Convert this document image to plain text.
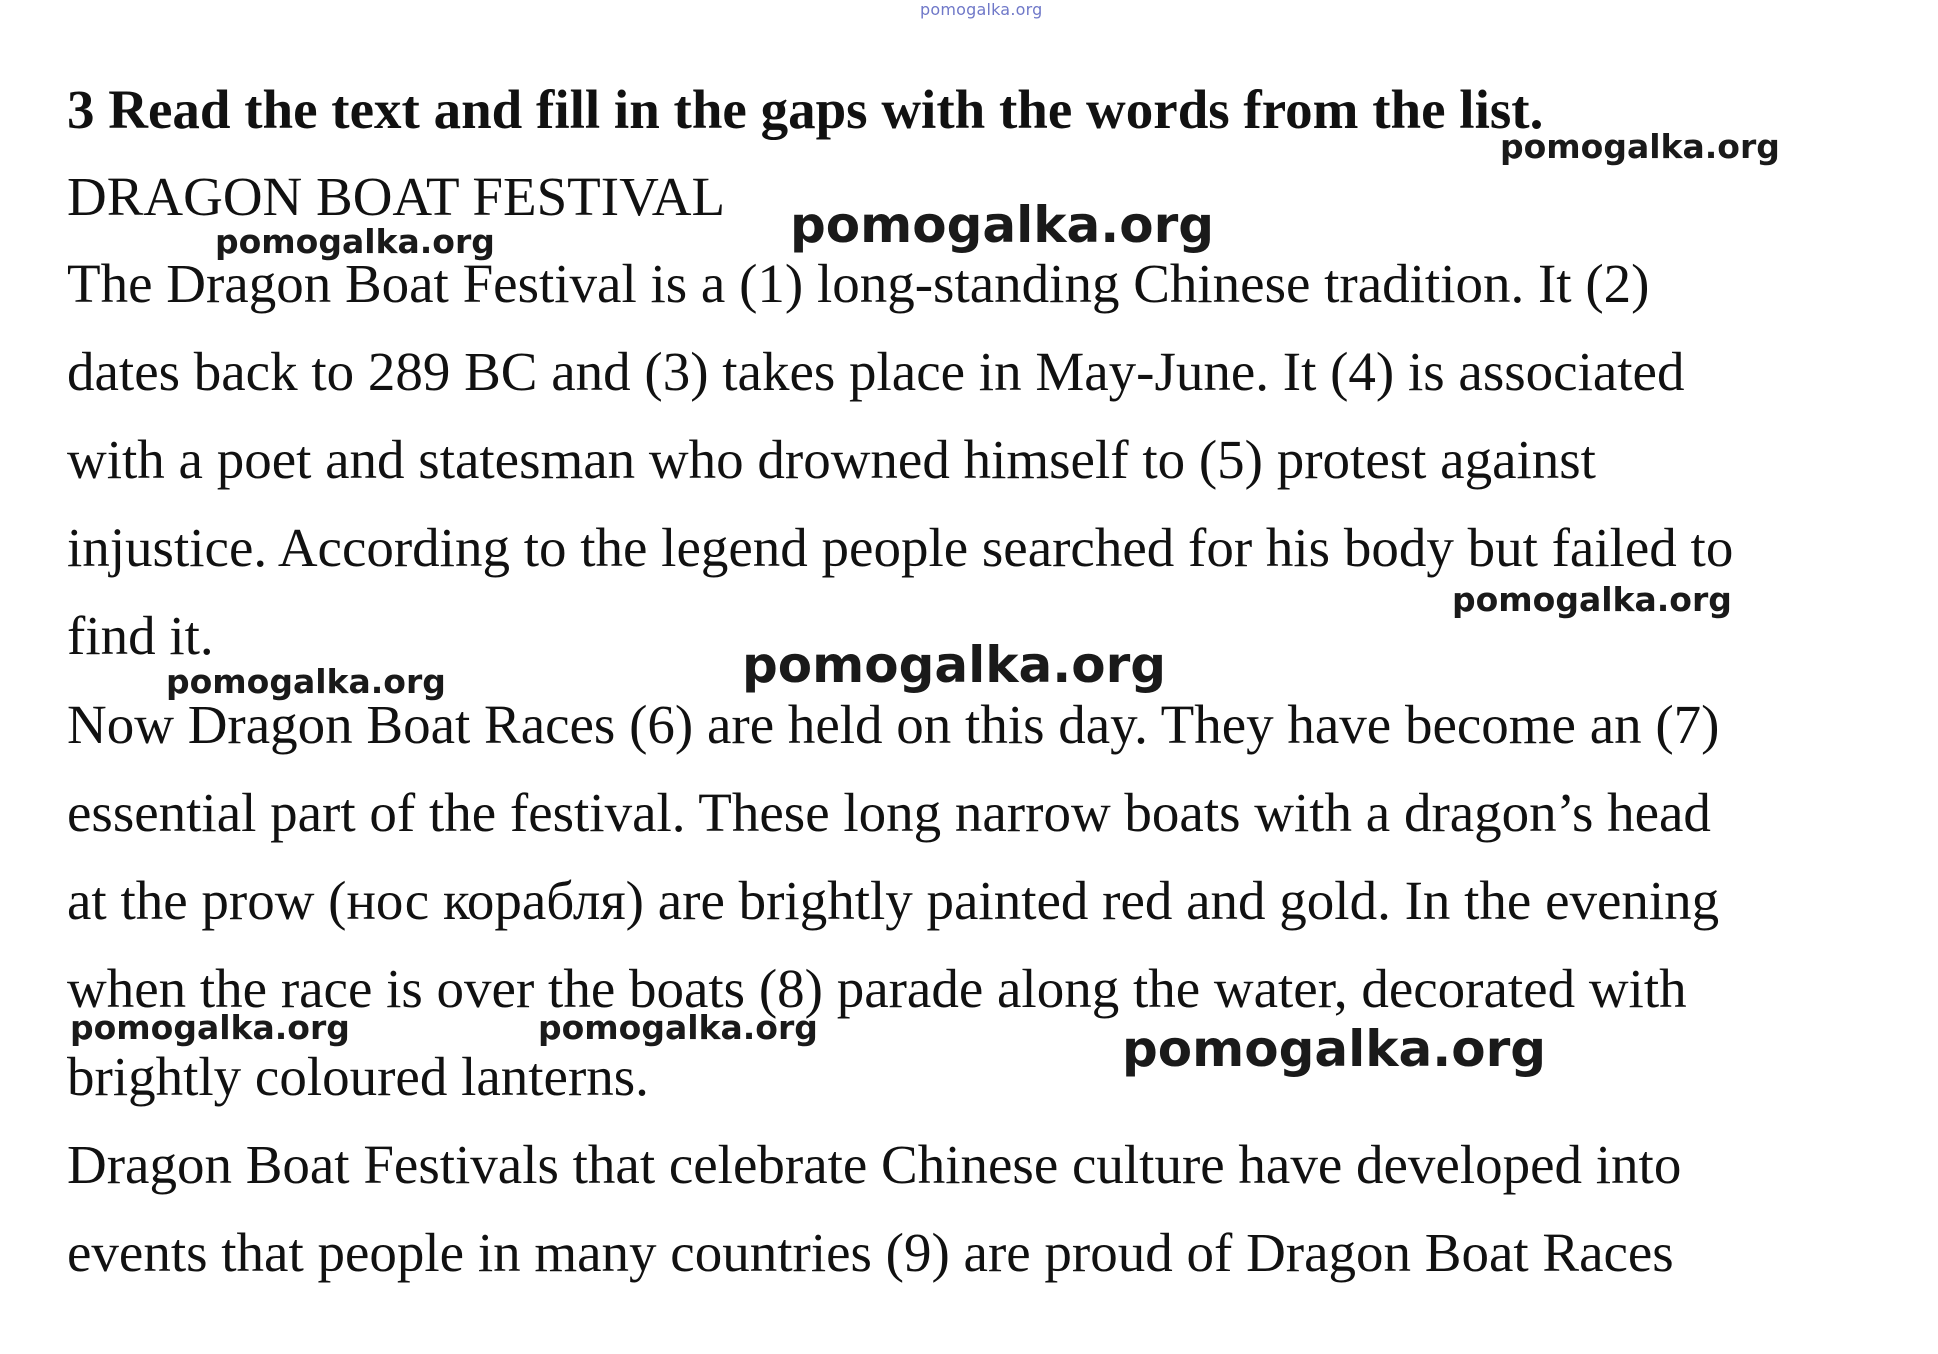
pomogalka.org
3 Read the text and fill in the gaps with the words from the list.
DRAGON BOAT FESTIVAL
The Dragon Boat Festival is a (1) long-standing Chinese tradition. It (2)
dates back to 289 BC and (3) takes place in May-June. It (4) is associated
with a poet and statesman who drowned himself to (5) protest against
injustice. According to the legend people searched for his body but failed to
find it.
Now Dragon Boat Races (6) are held on this day. They have become an (7)
essential part of the festival. These long narrow boats with a dragon’s head
at the prow (нос корабля) are brightly painted red and gold. In the evening
when the race is over the boats (8) parade along the water, decorated with
brightly coloured lanterns.
Dragon Boat Festivals that celebrate Chinese culture have developed into
events that people in many countries (9) are proud of Dragon Boat Races
pomogalka.org
pomogalka.org	pomogalka.org
pomogalka.org
pomogalka.org
pomogalka.org
pomogalka.org	pomogalka.org	pomogalka.org
